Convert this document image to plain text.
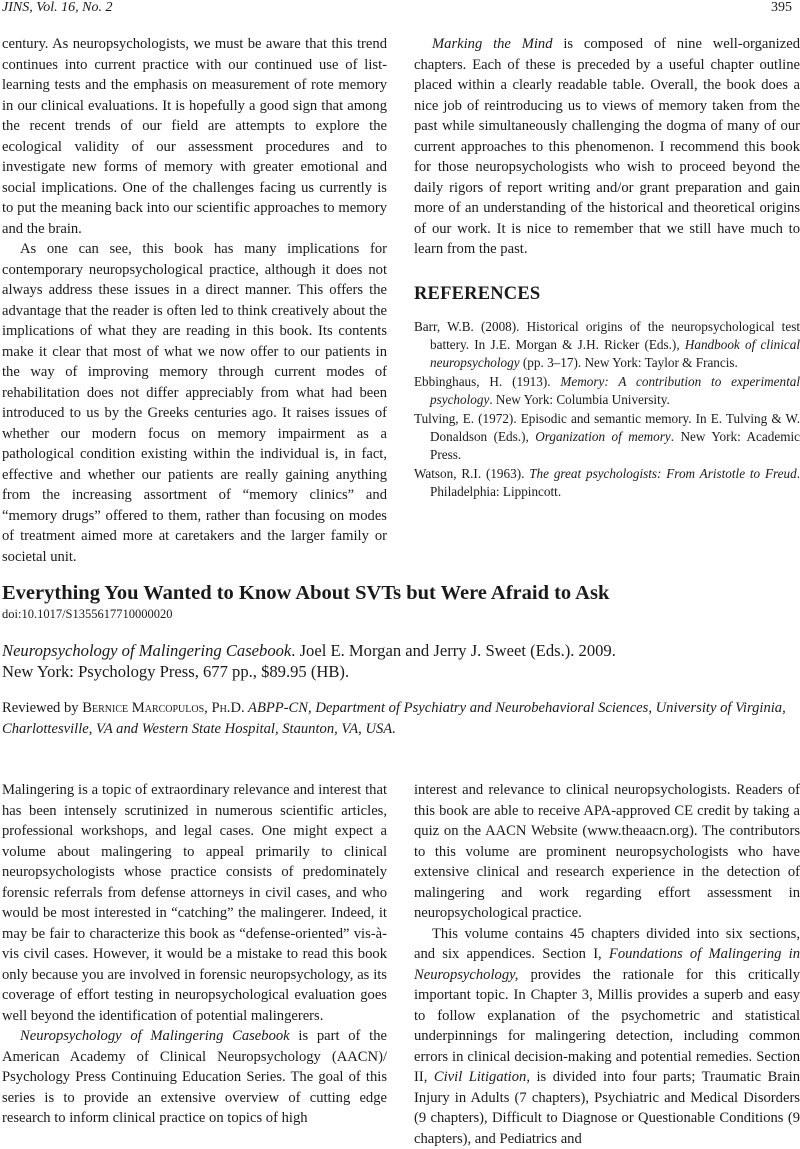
JINS, Vol. 16, No. 2	395

century. As neuropsychologists, we must be aware that this trend continues into current practice with our continued use of list-learning tests and the emphasis on measurement of rote memory in our clinical evaluations. It is hopefully a good sign that among the recent trends of our field are attempts to explore the ecological validity of our assessment procedures and to investigate new forms of memory with greater emotional and social implications. One of the challenges facing us currently is to put the meaning back into our scientific approaches to memory and the brain.

As one can see, this book has many implications for contemporary neuropsychological practice, although it does not always address these issues in a direct manner. This offers the advantage that the reader is often led to think creatively about the implications of what they are reading in this book. Its contents make it clear that most of what we now offer to our patients in the way of improving memory through current modes of rehabilitation does not differ appreciably from what had been introduced to us by the Greeks centuries ago. It raises issues of whether our modern focus on memory impairment as a pathological condition existing within the individual is, in fact, effective and whether our patients are really gaining anything from the increasing assortment of “memory clinics” and “memory drugs” offered to them, rather than focusing on modes of treatment aimed more at caretakers and the larger family or societal unit.

Marking the Mind is composed of nine well-organized chapters. Each of these is preceded by a useful chapter outline placed within a clearly readable table. Overall, the book does a nice job of reintroducing us to views of memory taken from the past while simultaneously challenging the dogma of many of our current approaches to this phenomenon. I recommend this book for those neuropsychologists who wish to proceed beyond the daily rigors of report writing and/or grant preparation and gain more of an understanding of the historical and theoretical origins of our work. It is nice to remember that we still have much to learn from the past.

REFERENCES
Barr, W.B. (2008). Historical origins of the neuropsychological test battery. In J.E. Morgan & J.H. Ricker (Eds.), Handbook of clinical neuropsychology (pp. 3–17). New York: Taylor & Francis.
Ebbinghaus, H. (1913). Memory: A contribution to experimental psychology. New York: Columbia University.
Tulving, E. (1972). Episodic and semantic memory. In E. Tulving & W. Donaldson (Eds.), Organization of memory. New York: Academic Press.
Watson, R.I. (1963). The great psychologists: From Aristotle to Freud. Philadelphia: Lippincott.
Everything You Wanted to Know About SVTs but Were Afraid to Ask
doi:10.1017/S1355617710000020
Neuropsychology of Malingering Casebook. Joel E. Morgan and Jerry J. Sweet (Eds.). 2009.
New York: Psychology Press, 677 pp., $89.95 (HB).
Reviewed by Bernice Marcopulos, Ph.D. ABPP-CN, Department of Psychiatry and Neurobehavioral Sciences, University of Virginia, Charlottesville, VA and Western State Hospital, Staunton, VA, USA.

Malingering is a topic of extraordinary relevance and interest that has been intensely scrutinized in numerous scientific articles, professional workshops, and legal cases. One might expect a volume about malingering to appeal primarily to clinical neuropsychologists whose practice consists of predominately forensic referrals from defense attorneys in civil cases, and who would be most interested in “catching” the malingerer. Indeed, it may be fair to characterize this book as “defense-oriented” vis-à-vis civil cases. However, it would be a mistake to read this book only because you are involved in forensic neuropsychology, as its coverage of effort testing in neuropsychological evaluation goes well beyond the identification of potential malingerers.

Neuropsychology of Malingering Casebook is part of the American Academy of Clinical Neuropsychology (AACN)/ Psychology Press Continuing Education Series. The goal of this series is to provide an extensive overview of cutting edge research to inform clinical practice on topics of high

interest and relevance to clinical neuropsychologists. Readers of this book are able to receive APA-approved CE credit by taking a quiz on the AACN Website (www.theaacn.org). The contributors to this volume are prominent neuropsychologists who have extensive clinical and research experience in the detection of malingering and work regarding effort assessment in neuropsychological practice.

This volume contains 45 chapters divided into six sections, and six appendices. Section I, Foundations of Malingering in Neuropsychology, provides the rationale for this critically important topic. In Chapter 3, Millis provides a superb and easy to follow explanation of the psychometric and statistical underpinnings for malingering detection, including common errors in clinical decision-making and potential remedies. Section II, Civil Litigation, is divided into four parts; Traumatic Brain Injury in Adults (7 chapters), Psychiatric and Medical Disorders (9 chapters), Difficult to Diagnose or Questionable Conditions (9 chapters), and Pediatrics and
